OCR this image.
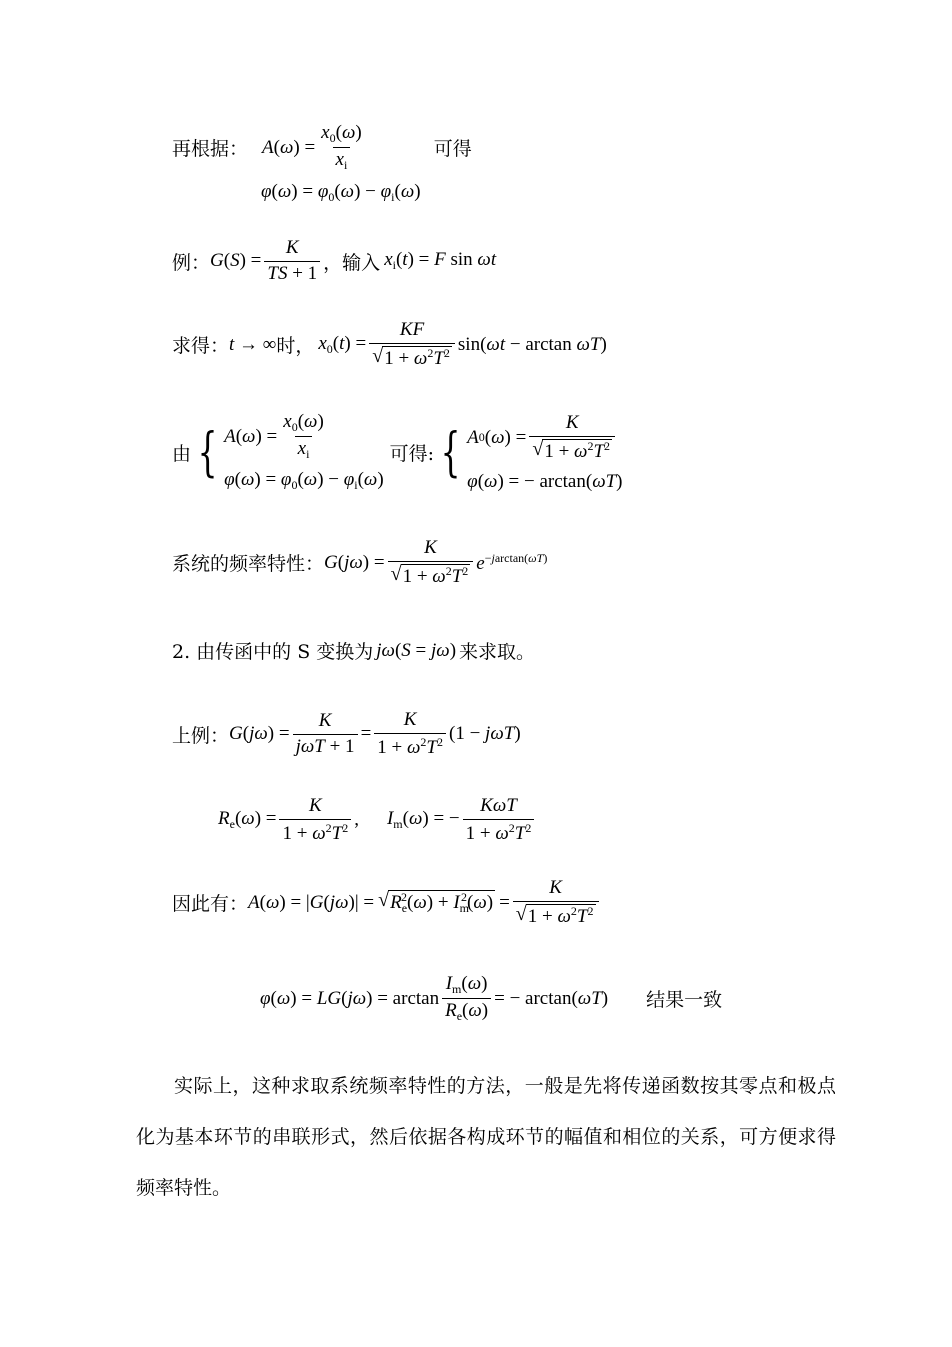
再根据： $A(\omega) = \frac{x_0(\omega)}{x_i}$	可得
$\varphi(\omega) = \varphi_0(\omega) - \varphi_i(\omega)$
例： $G(S) = \frac{K}{TS + 1}$ ，输入 $x_i(t) = F$ sin ωt
求得： t → ∞ 时， $x_0(t) = \frac{KF}{√ 1 + \omega^2T^2} \sin(\omega t - \arctan \omega T)$
由 { A ( ω ) = $\frac{x_0(\omega)}{x_i}$
$\varphi(\omega) = \varphi_0(\omega) - \varphi_i(\omega)$
可得: { A 0 ( ω ) = $\frac{K}{√ 1 + \omega^2T^2}$
φ(ω) = − arctan(ωT)
系统的频率特性： $G(j\omega) = \frac{K}{√ 1 + \omega^2T^2} e^{-jarctan(\omega T)}$
2. 由传函中的 S 变换为 jω(S = jω) 来求取。
上例： $G(j\omega) = \frac{K}{\text{jωT + 1}} = \frac{K}{1 + \omega^2T^2} (1 - j\omega T)$
$R_e(\omega) = \frac{K}{1 + \omega^2T^2}$ , $I_m(\omega)$ = − $\frac{\text{KωT}}{1 + \omega^2T^2}$
因此有： A(ω) = |G(jω)| = √ $R_e^2(\omega) + I_m^2(\omega) = \frac{K}{√ 1 + \omega^2T^2}$
$\varphi(\omega) = LG(j\omega) = \arctan \frac{I_m(\omega)}{R_e(\omega)}$ = − arctan(ωT) 结果一致

实际上，这种求取系统频率特性的方法，一般是先将传递函数按其零点和极点化为基本环节的串联形式，然后依据各构成环节的幅值和相位的关系，可方便求得频率特性。
